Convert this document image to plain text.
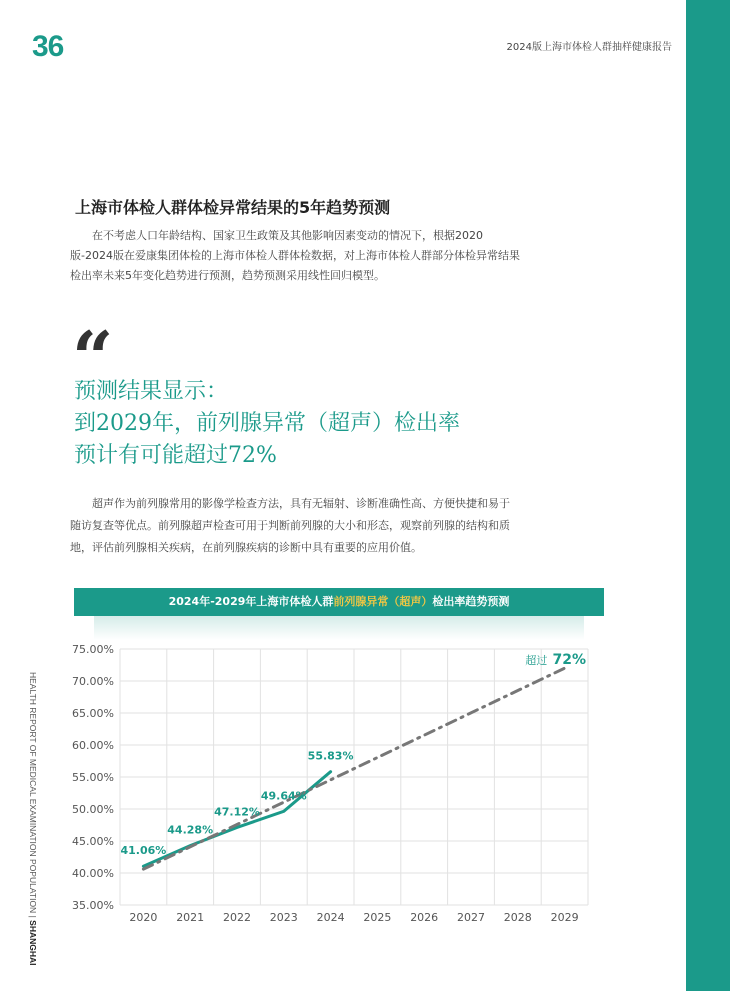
36	2024版上海市体检人群抽样健康报告
HEALTH REPORT OF MEDICAL EXAMINATION POPULATION | SHANGHAI
上海市体检人群体检异常结果的5年趋势预测

在不考虑人口年龄结构、国家卫生政策及其他影响因素变动的情况下，根据2020版-2024版在爱康集团体检的上海市体检人群体检数据，对上海市体检人群部分体检异常结果检出率未来5年变化趋势进行预测，趋势预测采用线性回归模型。

“
预测结果显示：
到2029年，前列腺异常（超声）检出率
预计有可能超过72%

超声作为前列腺常用的影像学检查方法，具有无辐射、诊断准确性高、方便快捷和易于随访复查等优点。前列腺超声检查可用于判断前列腺的大小和形态，观察前列腺的结构和质地，评估前列腺相关疾病，在前列腺疾病的诊断中具有重要的应用价值。

2024年-2029年上海市体检人群前列腺异常（超声）检出率趋势预测
35.00%
40.00%
45.00%
50.00%
55.00%
60.00%
65.00%
70.00%
75.00%
2020 2021 2022 2023 2024 2025 2026 2027 2028 2029
41.06%
44.28%
47.12%
49.64%
55.83%
超过 72%
